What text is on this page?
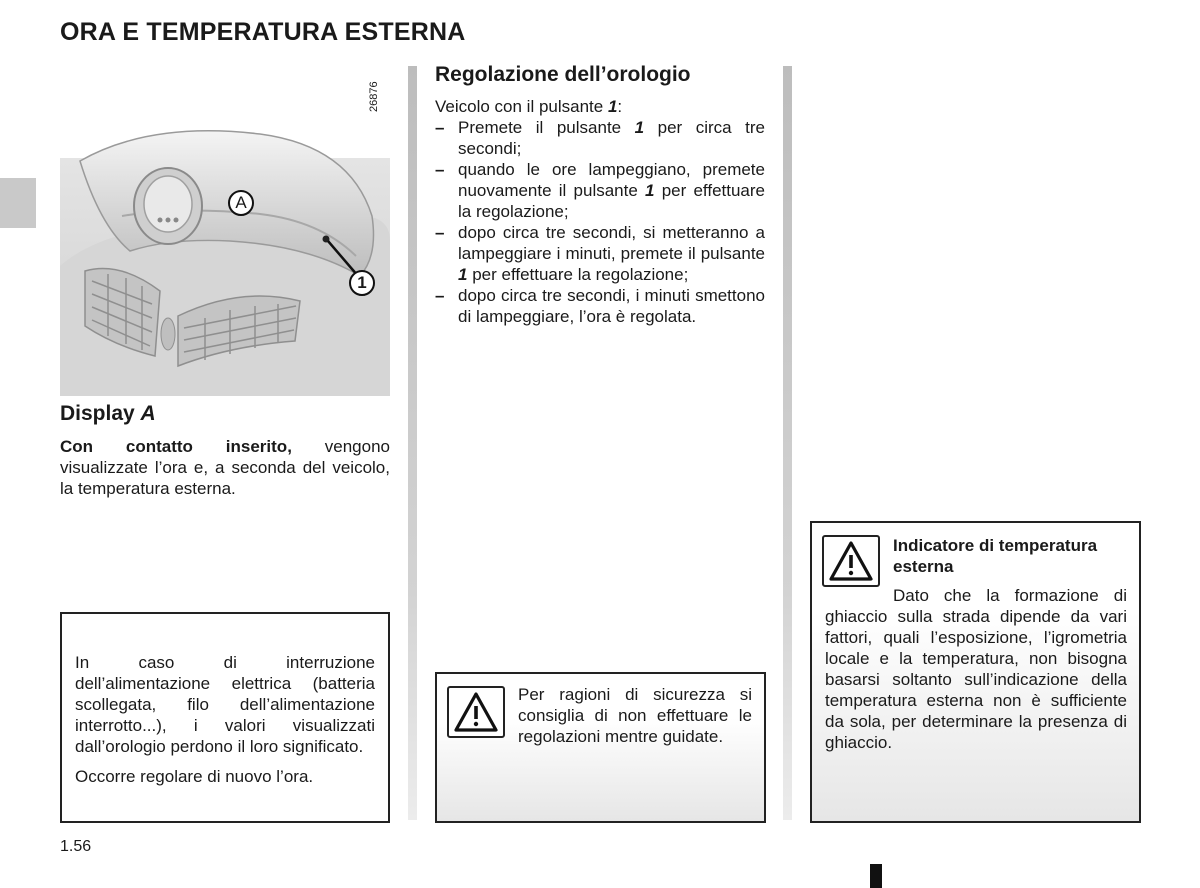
ORA E TEMPERATURA ESTERNA
A
1
26876
Display A
Con contatto inserito, vengono visualizzate l’ora e, a seconda del veicolo, la temperatura esterna.
In caso di interruzione dell’alimentazione elettrica (batteria scollegata, filo dell’alimentazione interrotto...), i valori visualizzati dall’orologio perdono il loro significato.
Occorre regolare di nuovo l’ora.
Regolazione dell’orologio
Veicolo con il pulsante 1:
– Premete il pulsante 1 per circa tre secondi;
– quando le ore lampeggiano, premete nuovamente il pulsante 1 per effettuare la regolazione;
– dopo circa tre secondi, si metteranno a lampeggiare i minuti, premete il pulsante 1 per effettuare la regolazione;
– dopo circa tre secondi, i minuti smettono di lampeggiare, l’ora è regolata.
Per ragioni di sicurezza si consiglia di non effettuare le regolazioni mentre guidate.
Indicatore di temperatura esterna
Dato che la formazione di ghiaccio sulla strada dipende da vari fattori, quali l’esposizione, l’igrometria locale e la temperatura, non bisogna basarsi soltanto sull’indicazione della temperatura esterna non è sufficiente da sola, per determinare la presenza di ghiaccio.
1.56
